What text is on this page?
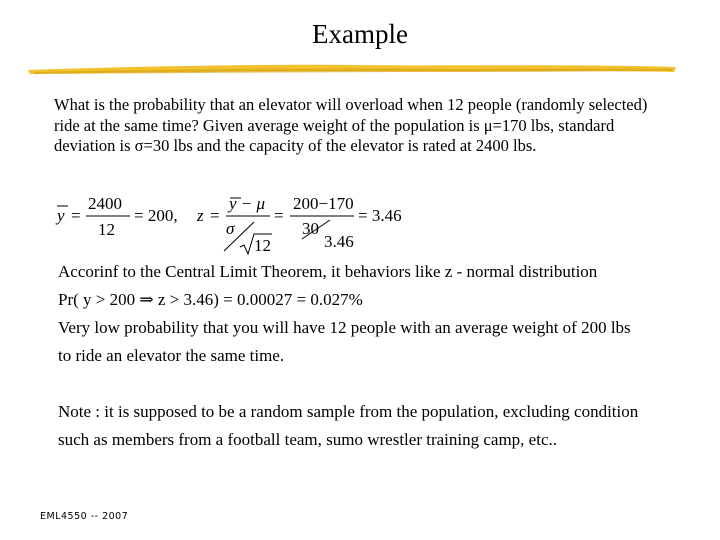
Example
What is the probability that an elevator will overload when 12 people (randomly selected) ride at the same time? Given average weight of the population is μ=170 lbs, standard deviation is σ=30 lbs and the capacity of the elevator is rated at 2400 lbs.
y =
2400
12
= 200, z =
y − μ
σ
12
=
200−170
30
3.46
= 3.46
Accorinf to the Central Limit Theorem, it behaviors like z - normal distribution
Pr( y > 200 ⇒ z > 3.46) = 0.00027 = 0.027%
Very low probability that you will have 12 people with an average weight of 200 lbs
to ride an elevator the same time.
Note : it is supposed to be a random sample from the population, excluding condition
such as members from a football team, sumo wrestler training camp, etc..
EML4550 -- 2007
